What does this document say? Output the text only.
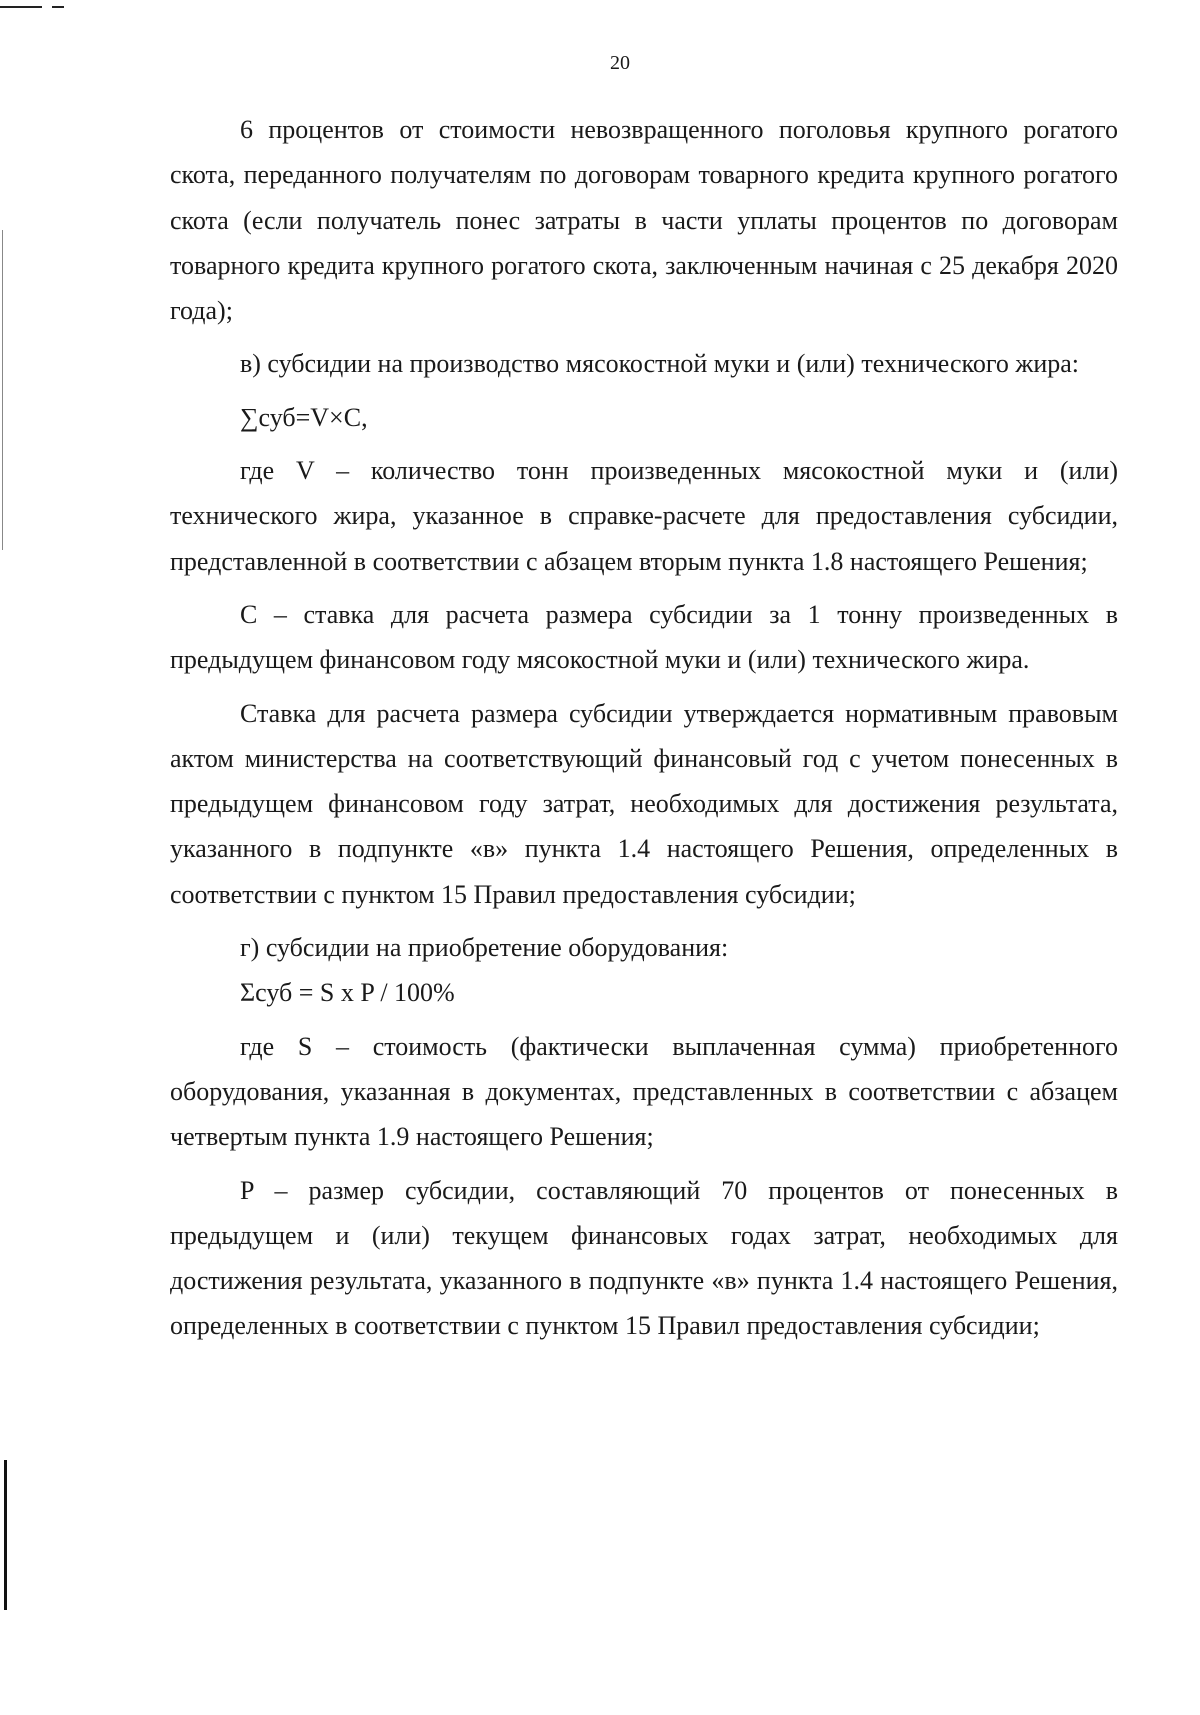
20

6 процентов от стоимости невозвращенного поголовья крупного рогатого скота, переданного получателям по договорам товарного кредита крупного рогатого скота (если получатель понес затраты в части уплаты процентов по договорам товарного кредита крупного рогатого скота, заключенным начиная с 25 декабря 2020 года);

в) субсидии на производство мясокостной муки и (или) технического жира:

∑суб=V×C,

где V – количество тонн произведенных мясокостной муки и (или) технического жира, указанное в справке-расчете для предоставления субсидии, представленной в соответствии с абзацем вторым пункта 1.8 настоящего Решения;

C – ставка для расчета размера субсидии за 1 тонну произведенных в предыдущем финансовом году мясокостной муки и (или) технического жира.

Ставка для расчета размера субсидии утверждается нормативным правовым актом министерства на соответствующий финансовый год с учетом понесенных в предыдущем финансовом году затрат, необходимых для достижения результата, указанного в подпункте «в» пункта 1.4 настоящего Решения, определенных в соответствии с пунктом 15 Правил предоставления субсидии;

г) субсидии на приобретение оборудования:

Σсуб = S x P / 100%

где S – стоимость (фактически выплаченная сумма) приобретенного оборудования, указанная в документах, представленных в соответствии с абзацем четвертым пункта 1.9 настоящего Решения;

P – размер субсидии, составляющий 70 процентов от понесенных в предыдущем и (или) текущем финансовых годах затрат, необходимых для достижения результата, указанного в подпункте «в» пункта 1.4 настоящего Решения, определенных в соответствии с пунктом 15 Правил предоставления субсидии;
